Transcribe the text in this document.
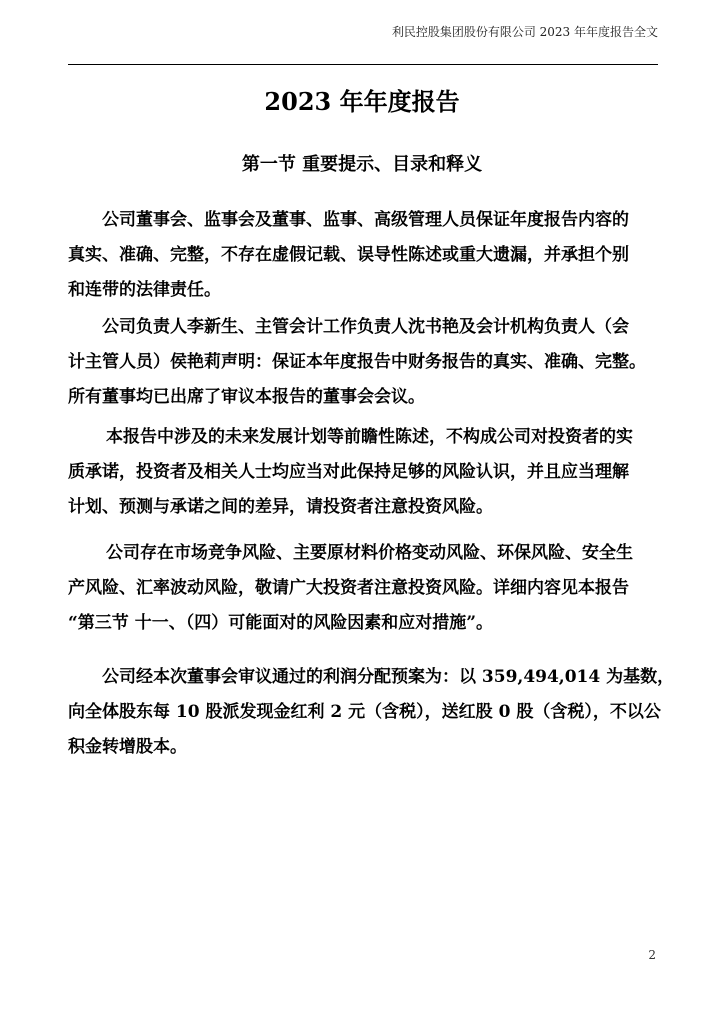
利民控股集团股份有限公司 2023 年年度报告全文
2023 年年度报告
第一节 重要提示、目录和释义
公司董事会、监事会及董事、监事、高级管理人员保证年度报告内容的
真实、准确、完整，不存在虚假记载、误导性陈述或重大遗漏，并承担个别
和连带的法律责任。
公司负责人李新生、主管会计工作负责人沈书艳及会计机构负责人（会
计主管人员）侯艳莉声明：保证本年度报告中财务报告的真实、准确、完整。
所有董事均已出席了审议本报告的董事会会议。
本报告中涉及的未来发展计划等前瞻性陈述，不构成公司对投资者的实
质承诺，投资者及相关人士均应当对此保持足够的风险认识，并且应当理解
计划、预测与承诺之间的差异，请投资者注意投资风险。
公司存在市场竞争风险、主要原材料价格变动风险、环保风险、安全生
产风险、汇率波动风险，敬请广大投资者注意投资风险。详细内容见本报告
“第三节 十一、（四）可能面对的风险因素和应对措施”。
公司经本次董事会审议通过的利润分配预案为：以 359,494,014 为基数，
向全体股东每 10 股派发现金红利 2 元（含税），送红股 0 股（含税），不以公
积金转增股本。
2
